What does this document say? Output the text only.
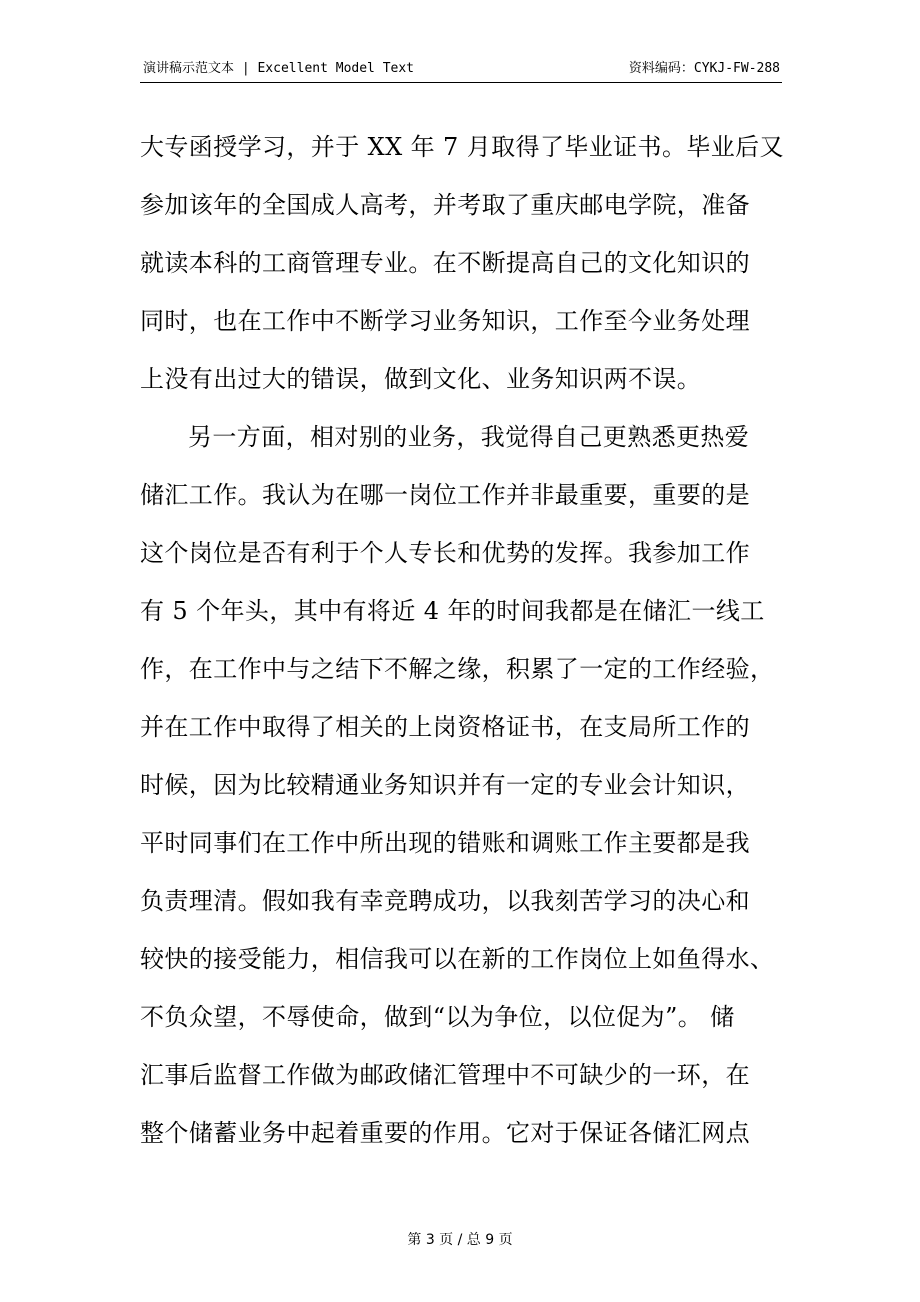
演讲稿示范文本 | Excellent Model Text	资料编码：CYKJ-FW-288
大专函授学习，并于 XX 年 7 月取得了毕业证书。毕业后又
参加该年的全国成人高考，并考取了重庆邮电学院，准备
就读本科的工商管理专业。在不断提高自己的文化知识的
同时，也在工作中不断学习业务知识，工作至今业务处理
上没有出过大的错误，做到文化、业务知识两不误。
另一方面，相对别的业务，我觉得自己更熟悉更热爱
储汇工作。我认为在哪一岗位工作并非最重要，重要的是
这个岗位是否有利于个人专长和优势的发挥。我参加工作
有 5 个年头，其中有将近 4 年的时间我都是在储汇一线工
作，在工作中与之结下不解之缘，积累了一定的工作经验，
并在工作中取得了相关的上岗资格证书，在支局所工作的
时候，因为比较精通业务知识并有一定的专业会计知识，
平时同事们在工作中所出现的错账和调账工作主要都是我
负责理清。假如我有幸竞聘成功，以我刻苦学习的决心和
较快的接受能力，相信我可以在新的工作岗位上如鱼得水、
不负众望，不辱使命，做到“以为争位，以位促为”。 储
汇事后监督工作做为邮政储汇管理中不可缺少的一环，在
整个储蓄业务中起着重要的作用。它对于保证各储汇网点
第 3 页 / 总 9 页
